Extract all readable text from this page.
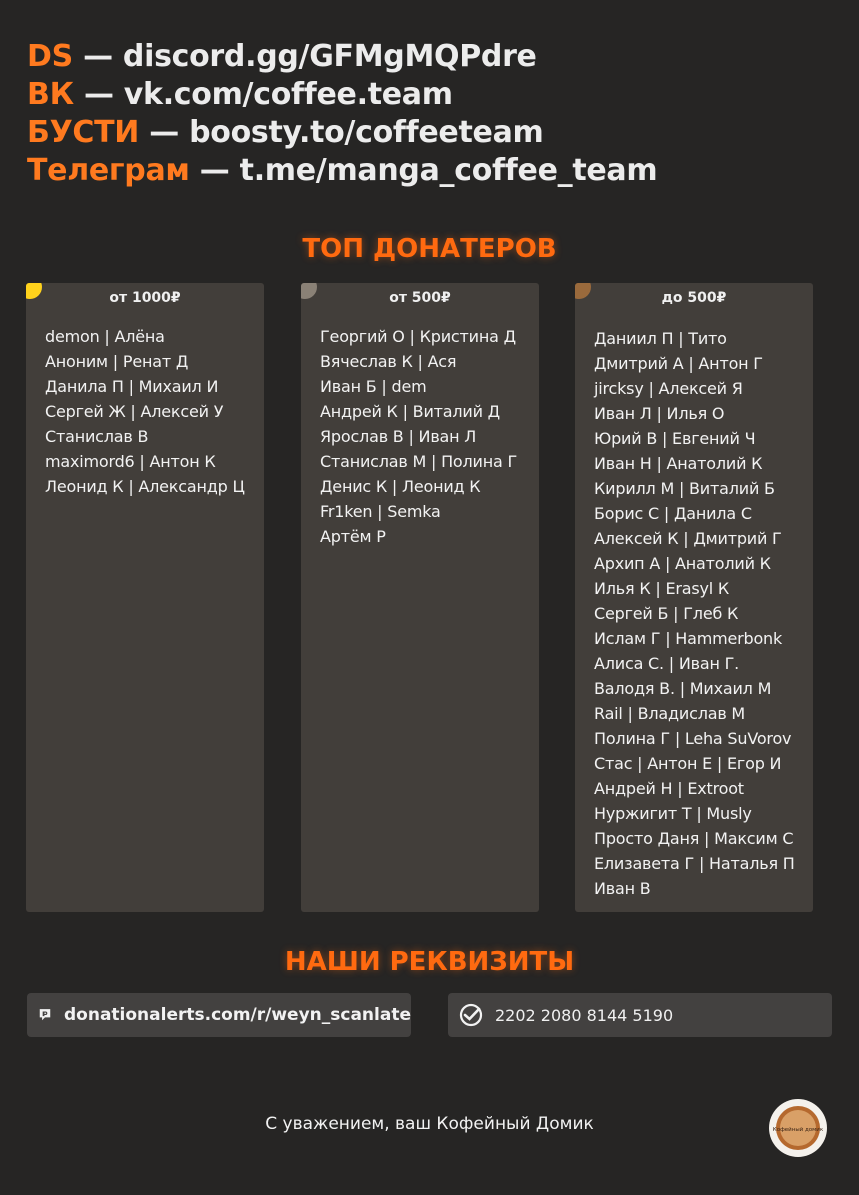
DS — discord.gg/GFMgMQPdre
ВК — vk.com/coffee.team
БУСТИ — boosty.to/coffeeteam
Телеграм — t.me/manga_coffee_team
ТОП ДОНАТЕРОВ
от 1000₽
demon | Алёна
Аноним | Ренат Д
Данила П | Михаил И
Сергей Ж | Алексей У
Станислав В
maximord6 | Антон К
Леонид К | Александр Ц
от 500₽
Георгий О | Кристина Д
Вячеслав К | Ася
Иван Б | dem
Андрей К | Виталий Д
Ярослав В | Иван Л
Станислав М | Полина Г
Денис К | Леонид К
Fr1ken | Semka
Артём Р
до 500₽
Даниил П | Тито
Дмитрий А | Антон Г
jircksy | Алексей Я
Иван Л | Илья О
Юрий В | Евгений Ч
Иван Н | Анатолий К
Кирилл М | Виталий Б
Борис С | Данила С
Алексей К | Дмитрий Г
Архип А | Анатолий К
Илья К | Erasyl К
Сергей Б | Глеб К
Ислам Г | Hammerbonk
Алиса С. | Иван Г.
Валодя В. | Михаил М
Rail | Владислав М
Полина Г | Leha SuVorov
Стас | Антон Е | Егор И
Андрей Н | Extroot
Нуржигит Т | Musly
Просто Даня | Максим С
Елизавета Г | Наталья П
Иван В
НАШИ РЕКВИЗИТЫ
donationalerts.com/r/weyn_scanlate	2202 2080 8144 5190
С уважением, ваш Кофейный Домик	Кофейный домик
